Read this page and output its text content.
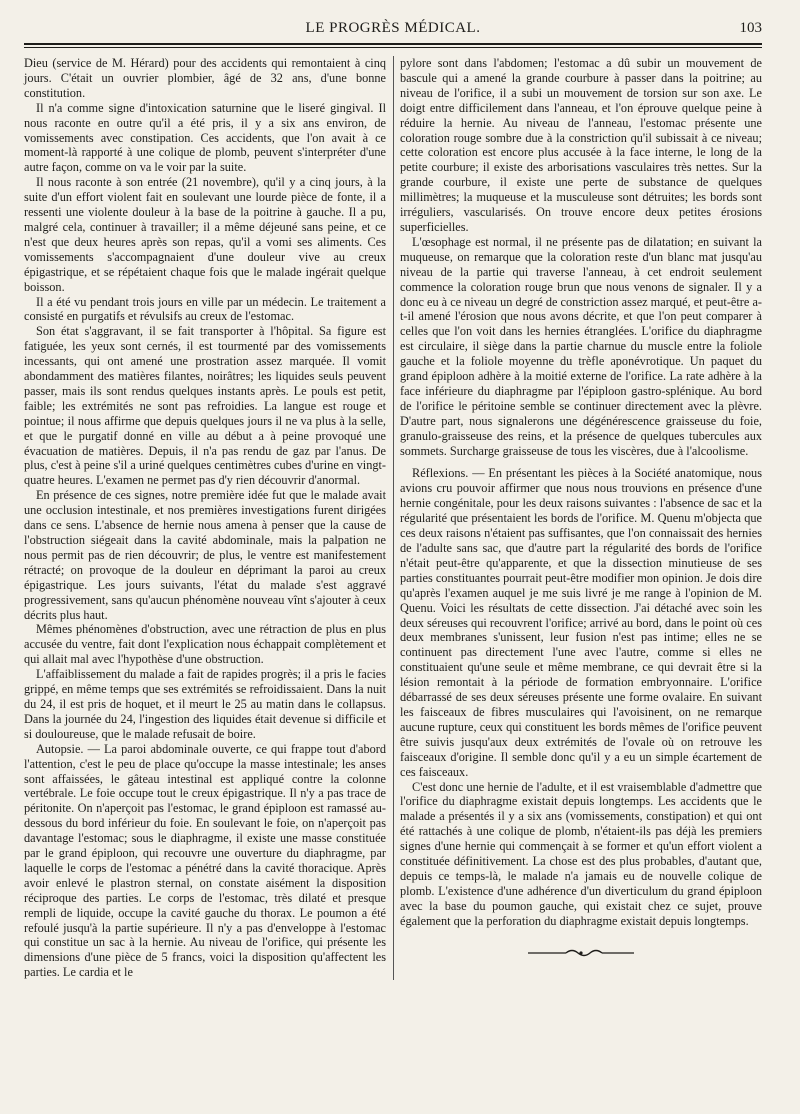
LE PROGRÈS MÉDICAL.	103

Dieu (service de M. Hérard) pour des accidents qui remontaient à cinq jours. C'était un ouvrier plombier, âgé de 32 ans, d'une bonne constitution.

Il n'a comme signe d'intoxication saturnine que le liseré gingival. Il nous raconte en outre qu'il a été pris, il y a six ans environ, de vomissements avec constipation. Ces accidents, que l'on avait à ce moment-là rapporté à une colique de plomb, peuvent s'interpréter d'une autre façon, comme on va le voir par la suite.

Il nous raconte à son entrée (21 novembre), qu'il y a cinq jours, à la suite d'un effort violent fait en soulevant une lourde pièce de fonte, il a ressenti une violente douleur à la base de la poitrine à gauche. Il a pu, malgré cela, continuer à travailler; il a même déjeuné sans peine, et ce n'est que deux heures après son repas, qu'il a vomi ses aliments. Ces vomissements s'accompagnaient d'une douleur vive au creux épigastrique, et se répétaient chaque fois que le malade ingérait quelque boisson.

Il a été vu pendant trois jours en ville par un médecin. Le traitement a consisté en purgatifs et révulsifs au creux de l'estomac.

Son état s'aggravant, il se fait transporter à l'hôpital. Sa figure est fatiguée, les yeux sont cernés, il est tourmenté par des vomissements incessants, qui ont amené une prostration assez marquée. Il vomit abondamment des matières filantes, noirâtres; les liquides seuls peuvent passer, mais ils sont rendus quelques instants après. Le pouls est petit, faible; les extrémités ne sont pas refroidies. La langue est rouge et pointue; il nous affirme que depuis quelques jours il ne va plus à la selle, et que le purgatif donné en ville au début a à peine provoqué une évacuation de matières. Depuis, il n'a pas rendu de gaz par l'anus. De plus, c'est à peine s'il a uriné quelques centimètres cubes d'urine en vingt-quatre heures. L'examen ne permet pas d'y rien découvrir d'anormal.

En présence de ces signes, notre première idée fut que le malade avait une occlusion intestinale, et nos premières investigations furent dirigées dans ce sens. L'absence de hernie nous amena à penser que la cause de l'obstruction siégeait dans la cavité abdominale, mais la palpation ne nous permit pas de rien découvrir; de plus, le ventre est manifestement rétracté; on provoque de la douleur en déprimant la paroi au creux épigastrique. Les jours suivants, l'état du malade s'est aggravé progressivement, sans qu'aucun phénomène nouveau vînt s'ajouter à ceux décrits plus haut.

Mêmes phénomènes d'obstruction, avec une rétraction de plus en plus accusée du ventre, fait dont l'explication nous échappait complètement et qui allait mal avec l'hypothèse d'une obstruction.

L'affaiblissement du malade a fait de rapides progrès; il a pris le facies grippé, en même temps que ses extrémités se refroidissaient. Dans la nuit du 24, il est pris de hoquet, et il meurt le 25 au matin dans le collapsus. Dans la journée du 24, l'ingestion des liquides était devenue si difficile et si douloureuse, que le malade refusait de boire.

Autopsie. — La paroi abdominale ouverte, ce qui frappe tout d'abord l'attention, c'est le peu de place qu'occupe la masse intestinale; les anses sont affaissées, le gâteau intestinal est appliqué contre la colonne vertébrale. Le foie occupe tout le creux épigastrique. Il n'y a pas trace de péritonite. On n'aperçoit pas l'estomac, le grand épiploon est ramassé au-dessous du bord inférieur du foie. En soulevant le foie, on n'aperçoit pas davantage l'estomac; sous le diaphragme, il existe une masse constituée par le grand épiploon, qui recouvre une ouverture du diaphragme, par laquelle le corps de l'estomac a pénétré dans la cavité thoracique. Après avoir enlevé le plastron sternal, on constate aisément la disposition réciproque des parties. Le corps de l'estomac, très dilaté et presque rempli de liquide, occupe la cavité gauche du thorax. Le poumon a été refoulé jusqu'à la partie supérieure. Il n'y a pas d'enveloppe à l'estomac qui constitue un sac à la hernie. Au niveau de l'orifice, qui présente les dimensions d'une pièce de 5 francs, voici la disposition qu'affectent les parties. Le cardia et le

pylore sont dans l'abdomen; l'estomac a dû subir un mouvement de bascule qui a amené la grande courbure à passer dans la poitrine; au niveau de l'orifice, il a subi un mouvement de torsion sur son axe. Le doigt entre difficilement dans l'anneau, et l'on éprouve quelque peine à réduire la hernie. Au niveau de l'anneau, l'estomac présente une coloration rouge sombre due à la constriction qu'il subissait à ce niveau; cette coloration est encore plus accusée à la face interne, le long de la petite courbure; il existe des arborisations vasculaires très nettes. Sur la grande courbure, il existe une perte de substance de quelques millimètres; la muqueuse et la musculeuse sont détruites; les bords sont irréguliers, vascularisés. On trouve encore deux petites érosions superficielles.

L'œsophage est normal, il ne présente pas de dilatation; en suivant la muqueuse, on remarque que la coloration reste d'un blanc mat jusqu'au niveau de la partie qui traverse l'anneau, à cet endroit seulement commence la coloration rouge brun que nous venons de signaler. Il y a donc eu à ce niveau un degré de constriction assez marqué, et peut-être a-t-il amené l'érosion que nous avons décrite, et que l'on peut comparer à celles que l'on voit dans les hernies étranglées. L'orifice du diaphragme est circulaire, il siège dans la partie charnue du muscle entre la foliole gauche et la foliole moyenne du trèfle aponévrotique. Un paquet du grand épiploon adhère à la moitié externe de l'orifice. La rate adhère à la face inférieure du diaphragme par l'épiploon gastro-splénique. Au bord de l'orifice le péritoine semble se continuer directement avec la plèvre. D'autre part, nous signalerons une dégénérescence graisseuse du foie, granulo-graisseuse des reins, et la présence de quelques tubercules aux sommets. Surcharge graisseuse de tous les viscères, due à l'alcoolisme.

Réflexions. — En présentant les pièces à la Société anatomique, nous avions cru pouvoir affirmer que nous nous trouvions en présence d'une hernie congénitale, pour les deux raisons suivantes : l'absence de sac et la régularité que présentaient les bords de l'orifice. M. Quenu m'objecta que ces deux raisons n'étaient pas suffisantes, que l'on connaissait des hernies de l'adulte sans sac, que d'autre part la régularité des bords de l'orifice n'était peut-être qu'apparente, et que la dissection minutieuse de ses parties constituantes pourrait peut-être modifier mon opinion. Je dois dire qu'après l'examen auquel je me suis livré je me range à l'opinion de M. Quenu. Voici les résultats de cette dissection. J'ai détaché avec soin les deux séreuses qui recouvrent l'orifice; arrivé au bord, dans le point où ces deux membranes s'unissent, leur fusion n'est pas intime; elles ne se continuent pas directement l'une avec l'autre, comme si elles ne constituaient qu'une seule et même membrane, ce qui devrait être si la lésion remontait à la période de formation embryonnaire. L'orifice débarrassé de ses deux séreuses présente une forme ovalaire. En suivant les faisceaux de fibres musculaires qui l'avoisinent, on ne remarque aucune rupture, ceux qui constituent les bords mêmes de l'orifice peuvent être suivis jusqu'aux deux extrémités de l'ovale où on retrouve les faisceaux d'origine. Il semble donc qu'il y a eu un simple écartement de ces faisceaux.

C'est donc une hernie de l'adulte, et il est vraisemblable d'admettre que l'orifice du diaphragme existait depuis longtemps. Les accidents que le malade a présentés il y a six ans (vomissements, constipation) et qui ont été rattachés à une colique de plomb, n'étaient-ils pas déjà les premiers signes d'une hernie qui commençait à se former et qu'un effort violent a constituée définitivement. La chose est des plus probables, d'autant que, depuis ce temps-là, le malade n'a jamais eu de nouvelle colique de plomb. L'existence d'une adhérence d'un diverticulum du grand épiploon avec la base du poumon gauche, qui existait chez ce sujet, prouve également que la perforation du diaphragme existait depuis longtemps.
